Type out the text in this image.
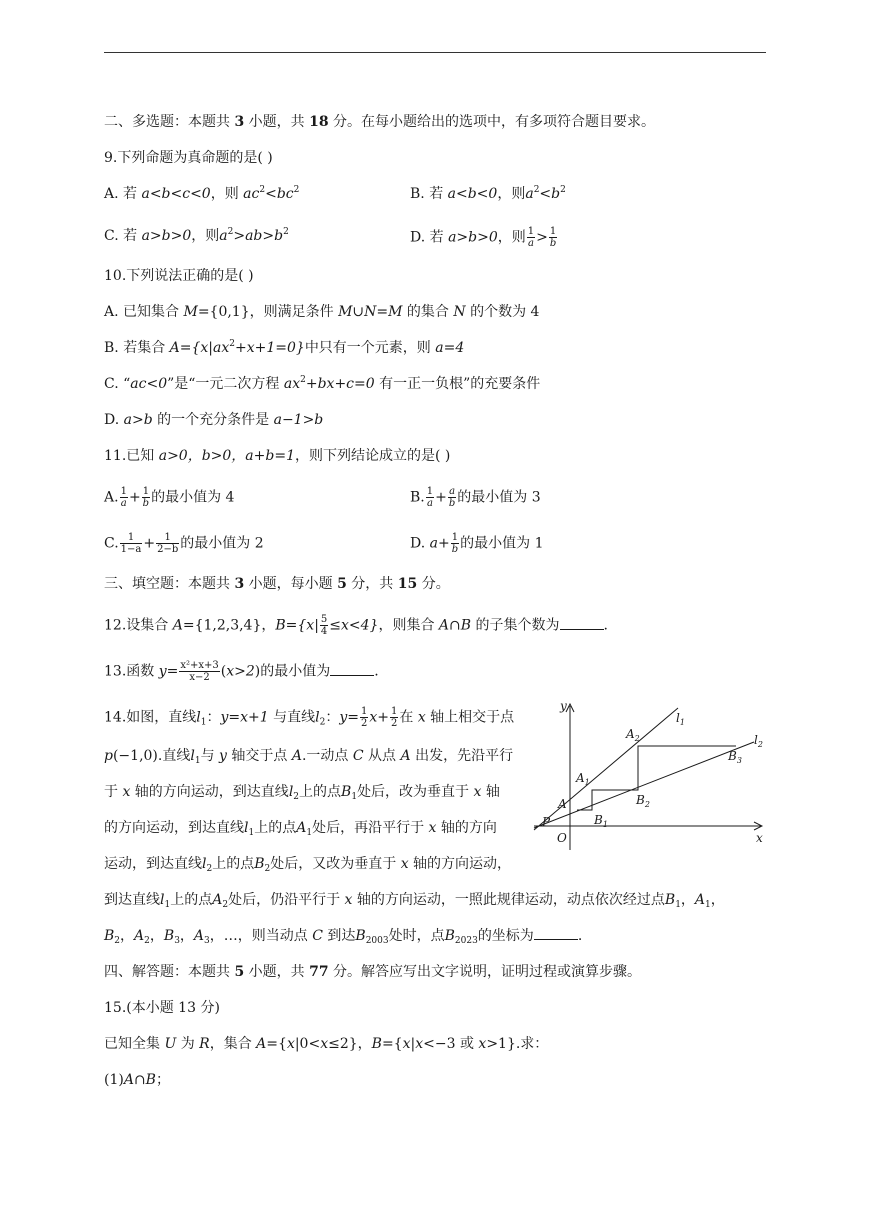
二、多选题：本题共 3 小题，共 18 分。在每小题给出的选项中，有多项符合题目要求。
9.下列命题为真命题的是( )
A. 若 a<b<c<0，则 $ac^2<bc^2$	B. 若 a<b<0，则$a^2<b^2$
C. 若 a>b>0，则$a^2>ab>b^2$	D. 若 a>b>0，则 $\frac{1}{a} > \frac{1}{b}$
10.下列说法正确的是( )
A. 已知集合 M={0,1}，则满足条件 M∪N=M 的集合 N 的个数为 4
B. 若集合 $A=\{x|ax^2+x+1=0\}$中只有一个元素，则 a=4
C. “ac<0”是“一元二次方程 $ax^2+bx+c=0$ 有一正一负根”的充要条件
D. a>b 的一个充分条件是 a−1>b
11.已知 a>0，b>0，a+b=1，则下列结论成立的是( )
A. $\frac{1}{a} + \frac{1}{b}$ 的最小值为 4	B. $\frac{1}{a} + \frac{a}{b}$ 的最小值为 3
C. $\frac{1}{1-a} + \frac{1}{2-b}$ 的最小值为 2	D. $a+ \frac{1}{b}$ 的最小值为 1
三、填空题：本题共 3 小题，每小题 5 分，共 15 分。
12.设集合 A={1,2,3,4}，$B=\{x| \frac{5}{4} \le x<4\}$，则集合 A∩B 的子集个数为	.
13.函数 $y= \frac{\text{x²+x+3}}{x-2} (x>2)$的最小值为	.
14.如图，直线$l_1$：y=x+1 与直线$l_2$：$y= \frac{1}{2} x+ \frac{1}{2}$ 在 x 轴上相交于点
p(−1,0).直线$l_1$与 y 轴交于点 A.一动点 C 从点 A 出发，先沿平行
于 x 轴的方向运动，到达直线$l_2$上的点$B_1$处后，改为垂直于 x 轴
的方向运动，到达直线$l_1$上的点$A_1$处后，再沿平行于 x 轴的方向
运动，到达直线$l_2$上的点$B_2$处后，又改为垂直于 x 轴的方向运动，
到达直线$l_1$上的点$A_2$处后，仍沿平行于 x 轴的方向运动，一照此规律运动，动点依次经过点$B_1$，$A_1$，
$B_2$，$A_2$，$B_3$，$A_3$，…，则当动点 C 到达$B_{2003}$处时，点$B_{2023}$的坐标为	.
y
x
O
P
A
$A_1$
$A_2$
$B_1$
$B_2$
$B_3$
$l_1$
$l_2$
四、解答题：本题共 5 小题，共 77 分。解答应写出文字说明，证明过程或演算步骤。
15.(本小题 13 分)
已知全集 U 为 R，集合 A={x|0<x≤2}，B={x|x<−3 或 x>1}.求：
(1)A∩B；
